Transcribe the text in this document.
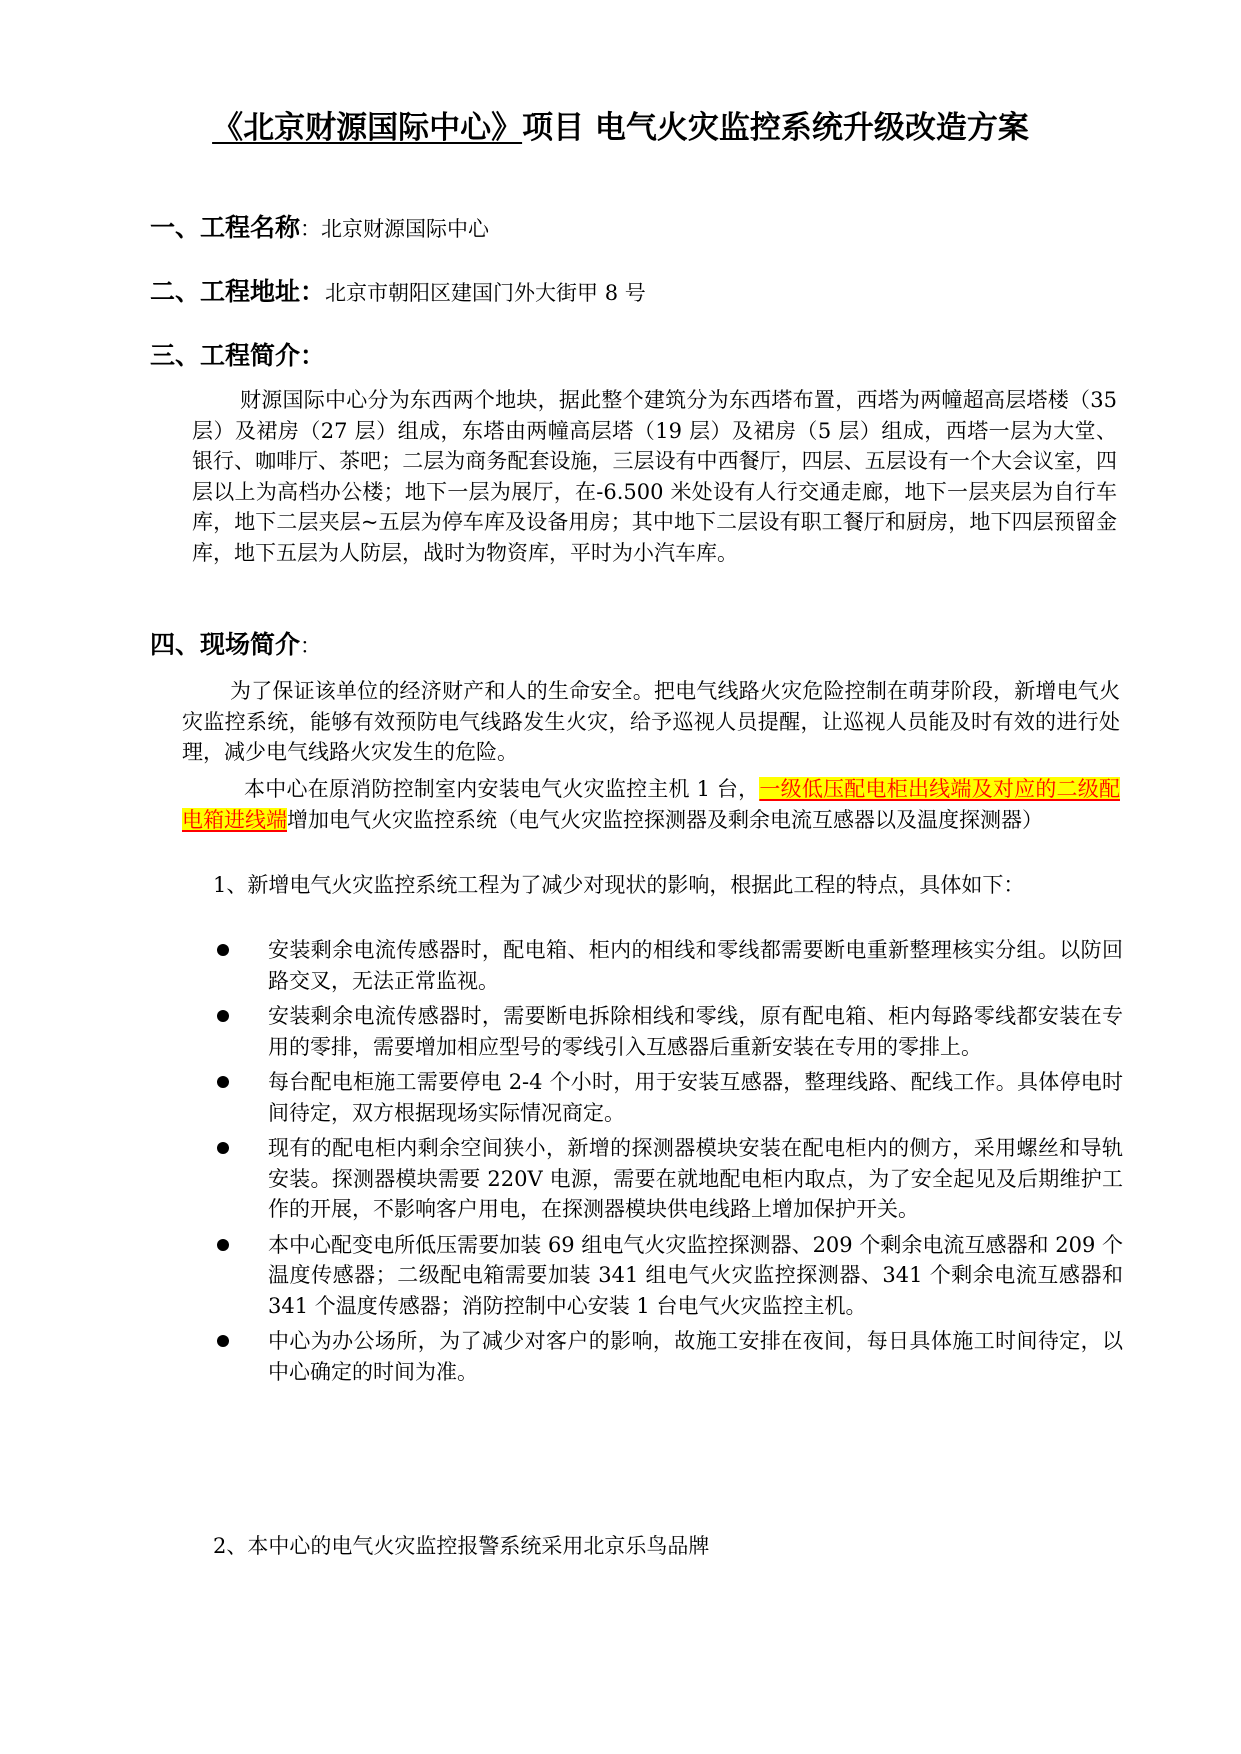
《北京财源国际中心》项目 电气火灾监控系统升级改造方案
一、工程名称：北京财源国际中心
二、工程地址：北京市朝阳区建国门外大街甲 8 号
三、工程简介：
财源国际中心分为东西两个地块，据此整个建筑分为东西塔布置，西塔为两幢超高层塔楼（35 层）及裙房（27 层）组成，东塔由两幢高层塔（19 层）及裙房（5 层）组成，西塔一层为大堂、银行、咖啡厅、茶吧；二层为商务配套设施，三层设有中西餐厅，四层、五层设有一个大会议室，四层以上为高档办公楼；地下一层为展厅，在-6.500 米处设有人行交通走廊，地下一层夹层为自行车库，地下二层夹层~五层为停车库及设备用房；其中地下二层设有职工餐厅和厨房，地下四层预留金库，地下五层为人防层，战时为物资库，平时为小汽车库。
四、现场简介：
为了保证该单位的经济财产和人的生命安全。把电气线路火灾危险控制在萌芽阶段，新增电气火灾监控系统，能够有效预防电气线路发生火灾，给予巡视人员提醒，让巡视人员能及时有效的进行处理，减少电气线路火灾发生的危险。
本中心在原消防控制室内安装电气火灾监控主机 1 台，一级低压配电柜出线端及对应的二级配电箱进线端增加电气火灾监控系统（电气火灾监控探测器及剩余电流互感器以及温度探测器）
1、新增电气火灾监控系统工程为了减少对现状的影响，根据此工程的特点，具体如下：
安装剩余电流传感器时，配电箱、柜内的相线和零线都需要断电重新整理核实分组。以防回路交叉，无法正常监视。
安装剩余电流传感器时，需要断电拆除相线和零线，原有配电箱、柜内每路零线都安装在专用的零排，需要增加相应型号的零线引入互感器后重新安装在专用的零排上。
每台配电柜施工需要停电 2-4 个小时，用于安装互感器，整理线路、配线工作。具体停电时间待定，双方根据现场实际情况商定。
现有的配电柜内剩余空间狭小，新增的探测器模块安装在配电柜内的侧方，采用螺丝和导轨安装。探测器模块需要 220V 电源，需要在就地配电柜内取点，为了安全起见及后期维护工作的开展，不影响客户用电，在探测器模块供电线路上增加保护开关。
本中心配变电所低压需要加装 69 组电气火灾监控探测器、209 个剩余电流互感器和 209 个温度传感器；二级配电箱需要加装 341 组电气火灾监控探测器、341 个剩余电流互感器和 341 个温度传感器；消防控制中心安装 1 台电气火灾监控主机。
中心为办公场所，为了减少对客户的影响，故施工安排在夜间，每日具体施工时间待定，以中心确定的时间为准。
2、本中心的电气火灾监控报警系统采用北京乐鸟品牌
